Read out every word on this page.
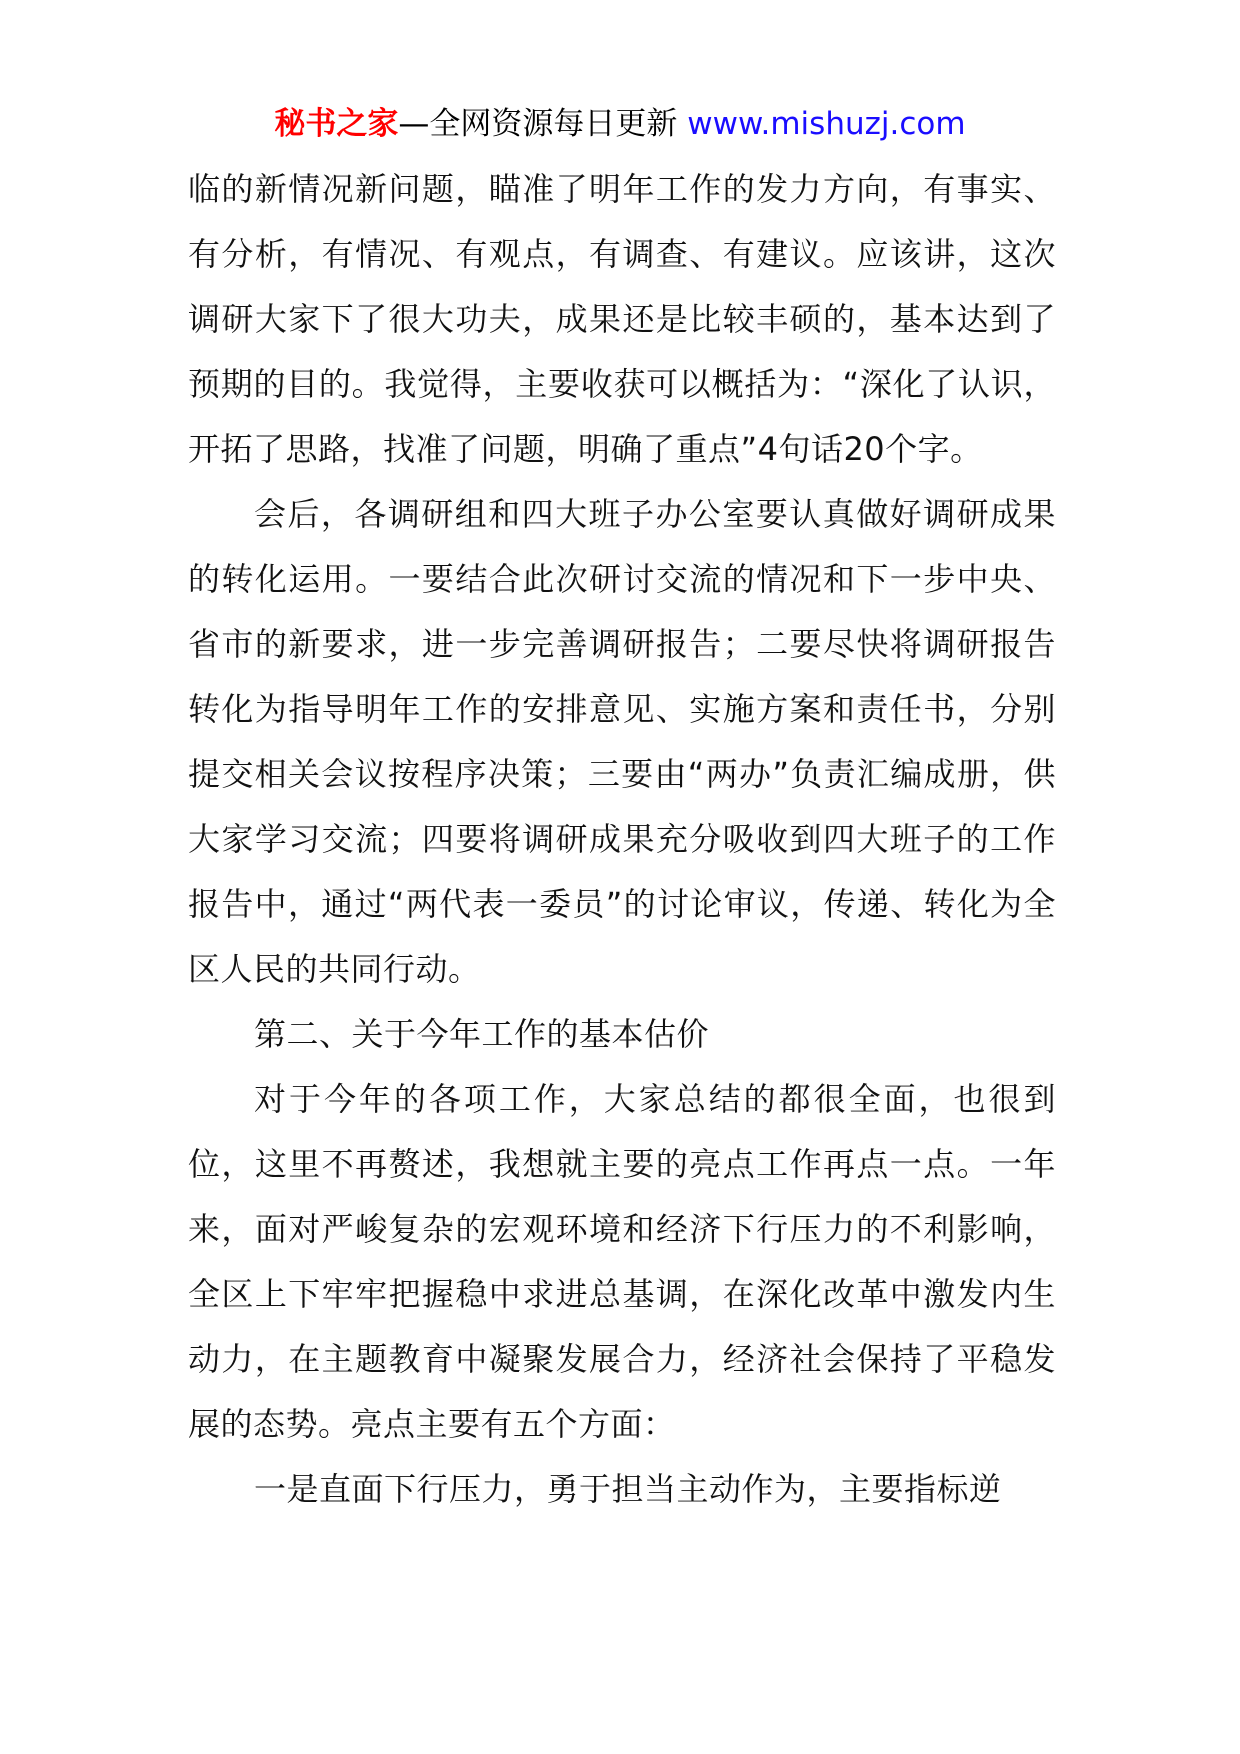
秘书之家—全网资源每日更新 www.mishuzj.com

临的新情况新问题，瞄准了明年工作的发力方向，有事实、有分析，有情况、有观点，有调查、有建议。应该讲，这次调研大家下了很大功夫，成果还是比较丰硕的，基本达到了预期的目的。我觉得，主要收获可以概括为：“深化了认识，开拓了思路，找准了问题，明确了重点”4句话20个字。

会后，各调研组和四大班子办公室要认真做好调研成果的转化运用。一要结合此次研讨交流的情况和下一步中央、省市的新要求，进一步完善调研报告；二要尽快将调研报告转化为指导明年工作的安排意见、实施方案和责任书，分别提交相关会议按程序决策；三要由“两办”负责汇编成册，供大家学习交流；四要将调研成果充分吸收到四大班子的工作报告中，通过“两代表一委员”的讨论审议，传递、转化为全区人民的共同行动。

第二、关于今年工作的基本估价

对于今年的各项工作，大家总结的都很全面，也很到位，这里不再赘述，我想就主要的亮点工作再点一点。一年来，面对严峻复杂的宏观环境和经济下行压力的不利影响，全区上下牢牢把握稳中求进总基调，在深化改革中激发内生动力，在主题教育中凝聚发展合力，经济社会保持了平稳发展的态势。亮点主要有五个方面：

一是直面下行压力，勇于担当主动作为，主要指标逆
